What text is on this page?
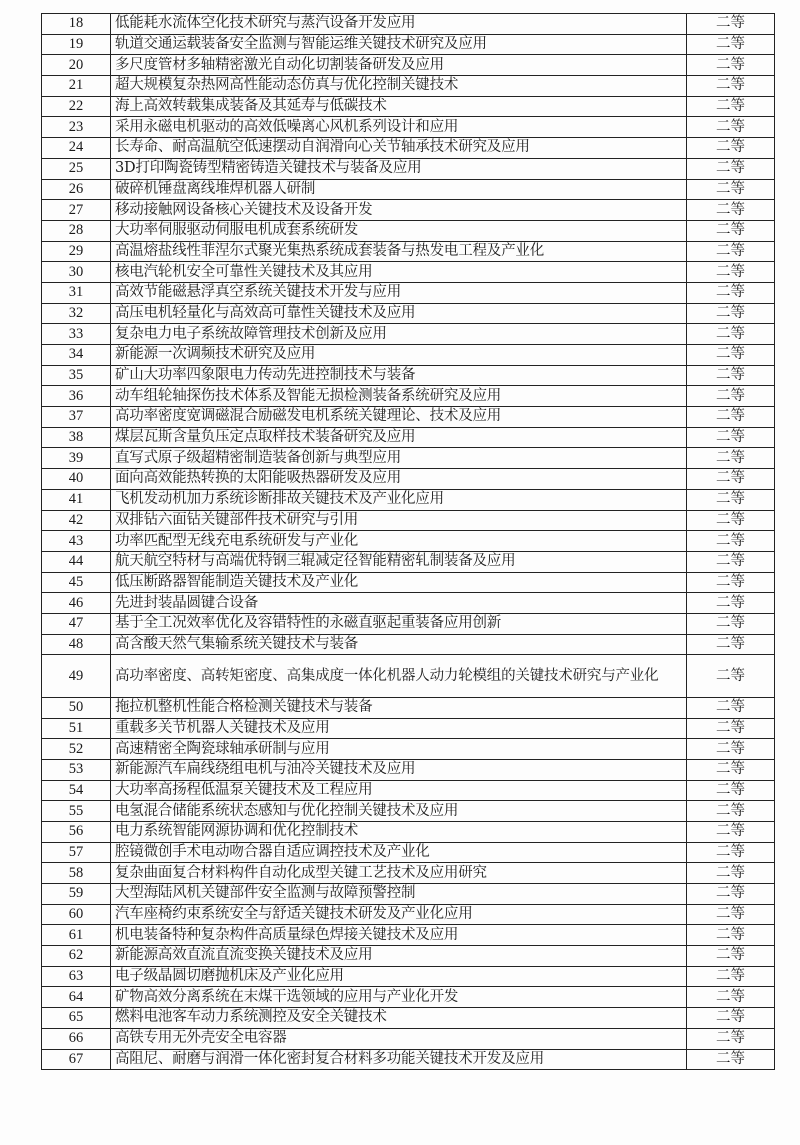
18	低能耗水流体空化技术研究与蒸汽设备开发应用	二等
19	轨道交通运载装备安全监测与智能运维关键技术研究及应用	二等
20	多尺度管材多轴精密激光自动化切割装备研发及应用	二等
21	超大规模复杂热网高性能动态仿真与优化控制关键技术	二等
22	海上高效转载集成装备及其延寿与低碳技术	二等
23	采用永磁电机驱动的高效低噪离心风机系列设计和应用	二等
24	长寿命、耐高温航空低速摆动自润滑向心关节轴承技术研究及应用	二等
25	3D打印陶瓷铸型精密铸造关键技术与装备及应用	二等
26	破碎机锤盘离线堆焊机器人研制	二等
27	移动接触网设备核心关键技术及设备开发	二等
28	大功率伺服驱动伺服电机成套系统研发	二等
29	高温熔盐线性菲涅尔式聚光集热系统成套装备与热发电工程及产业化	二等
30	核电汽轮机安全可靠性关键技术及其应用	二等
31	高效节能磁悬浮真空系统关键技术开发与应用	二等
32	高压电机轻量化与高效高可靠性关键技术及应用	二等
33	复杂电力电子系统故障管理技术创新及应用	二等
34	新能源一次调频技术研究及应用	二等
35	矿山大功率四象限电力传动先进控制技术与装备	二等
36	动车组轮轴探伤技术体系及智能无损检测装备系统研究及应用	二等
37	高功率密度宽调磁混合励磁发电机系统关键理论、技术及应用	二等
38	煤层瓦斯含量负压定点取样技术装备研究及应用	二等
39	直写式原子级超精密制造装备创新与典型应用	二等
40	面向高效能热转换的太阳能吸热器研发及应用	二等
41	飞机发动机加力系统诊断排故关键技术及产业化应用	二等
42	双排钻六面钻关键部件技术研究与引用	二等
43	功率匹配型无线充电系统研发与产业化	二等
44	航天航空特材与高端优特钢三辊减定径智能精密轧制装备及应用	二等
45	低压断路器智能制造关键技术及产业化	二等
46	先进封装晶圆键合设备	二等
47	基于全工况效率优化及容错特性的永磁直驱起重装备应用创新	二等
48	高含酸天然气集输系统关键技术与装备	二等
49	高功率密度、高转矩密度、高集成度一体化机器人动力轮模组的关键技术研究与产业化	二等
50	拖拉机整机性能合格检测关键技术与装备	二等
51	重载多关节机器人关键技术及应用	二等
52	高速精密全陶瓷球轴承研制与应用	二等
53	新能源汽车扁线绕组电机与油冷关键技术及应用	二等
54	大功率高扬程低温泵关键技术及工程应用	二等
55	电氢混合储能系统状态感知与优化控制关键技术及应用	二等
56	电力系统智能网源协调和优化控制技术	二等
57	腔镜微创手术电动吻合器自适应调控技术及产业化	二等
58	复杂曲面复合材料构件自动化成型关键工艺技术及应用研究	二等
59	大型海陆风机关键部件安全监测与故障预警控制	二等
60	汽车座椅约束系统安全与舒适关键技术研发及产业化应用	二等
61	机电装备特种复杂构件高质量绿色焊接关键技术及应用	二等
62	新能源高效直流直流变换关键技术及应用	二等
63	电子级晶圆切磨抛机床及产业化应用	二等
64	矿物高效分离系统在末煤干选领域的应用与产业化开发	二等
65	燃料电池客车动力系统测控及安全关键技术	二等
66	高铁专用无外壳安全电容器	二等
67	高阻尼、耐磨与润滑一体化密封复合材料多功能关键技术开发及应用	二等
